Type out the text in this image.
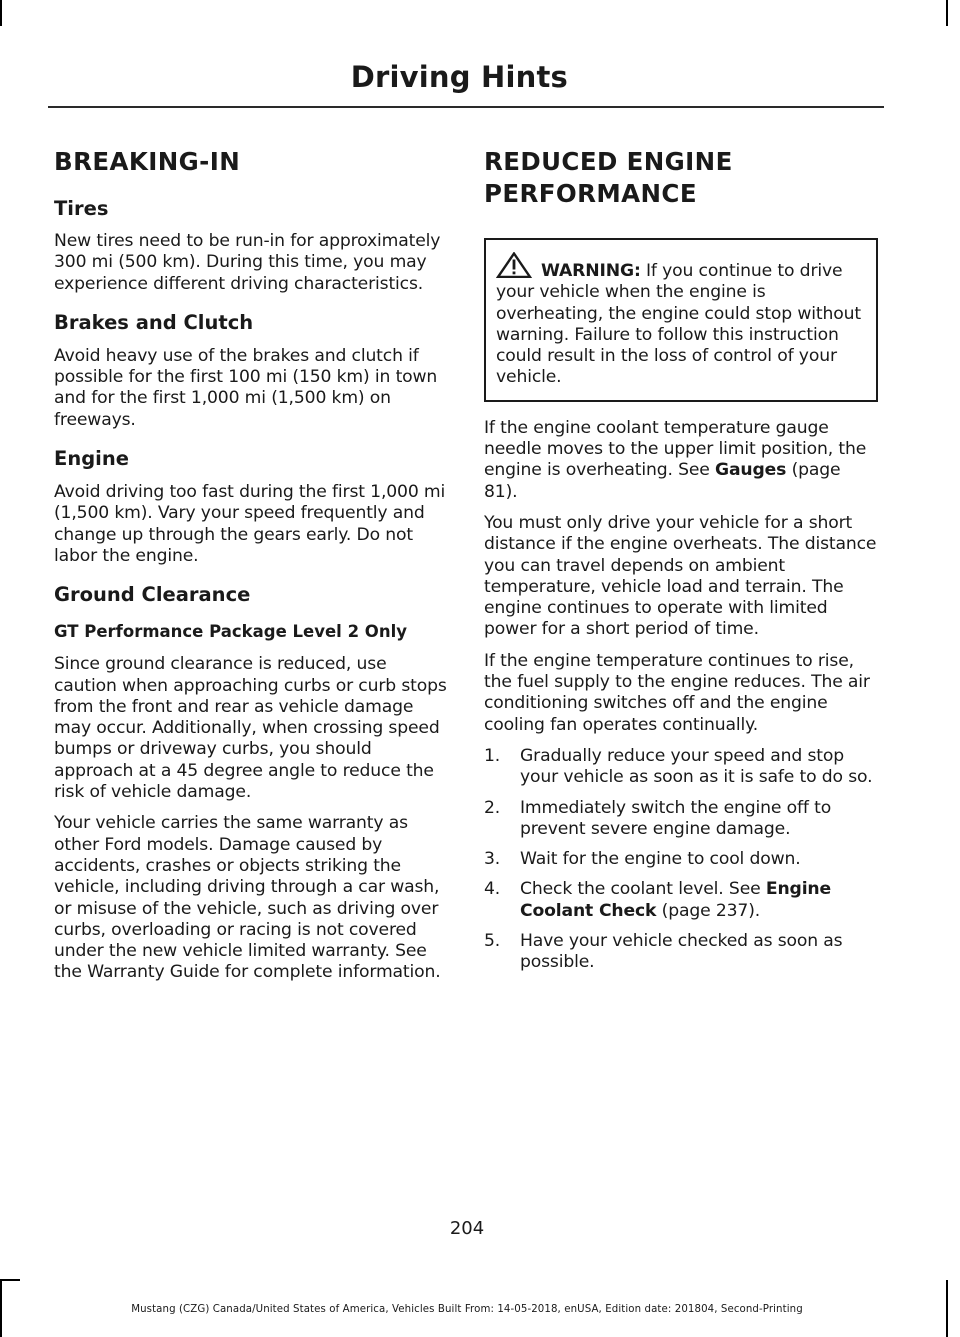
Driving Hints
BREAKING-IN
Tires

New tires need to be run-in for approximately 300 mi (500 km). During this time, you may experience different driving characteristics.

Brakes and Clutch

Avoid heavy use of the brakes and clutch if possible for the first 100 mi (150 km) in town and for the first 1,000 mi (1,500 km) on freeways.

Engine

Avoid driving too fast during the first 1,000 mi (1,500 km). Vary your speed frequently and change up through the gears early. Do not labor the engine.

Ground Clearance
GT Performance Package Level 2 Only

Since ground clearance is reduced, use caution when approaching curbs or curb stops from the front and rear as vehicle damage may occur. Additionally, when crossing speed bumps or driveway curbs, you should approach at a 45 degree angle to reduce the risk of vehicle damage.

Your vehicle carries the same warranty as other Ford models. Damage caused by accidents, crashes or objects striking the vehicle, including driving through a car wash, or misuse of the vehicle, such as driving over curbs, overloading or racing is not covered under the new vehicle limited warranty. See the Warranty Guide for complete information.

REDUCED ENGINE
PERFORMANCE
WARNING: If you continue to drive your vehicle when the engine is overheating, the engine could stop without warning. Failure to follow this instruction could result in the loss of control of your vehicle.

If the engine coolant temperature gauge needle moves to the upper limit position, the engine is overheating. See Gauges (page 81).

You must only drive your vehicle for a short distance if the engine overheats. The distance you can travel depends on ambient temperature, vehicle load and terrain. The engine continues to operate with limited power for a short period of time.

If the engine temperature continues to rise, the fuel supply to the engine reduces. The air conditioning switches off and the engine cooling fan operates continually.

1. Gradually reduce your speed and stop your vehicle as soon as it is safe to do so.
2. Immediately switch the engine off to prevent severe engine damage.
3. Wait for the engine to cool down.
4. Check the coolant level. See Engine Coolant Check (page 237).
5. Have your vehicle checked as soon as possible.
204
Mustang (CZG) Canada/United States of America, Vehicles Built From: 14-05-2018, enUSA, Edition date: 201804, Second-Printing
